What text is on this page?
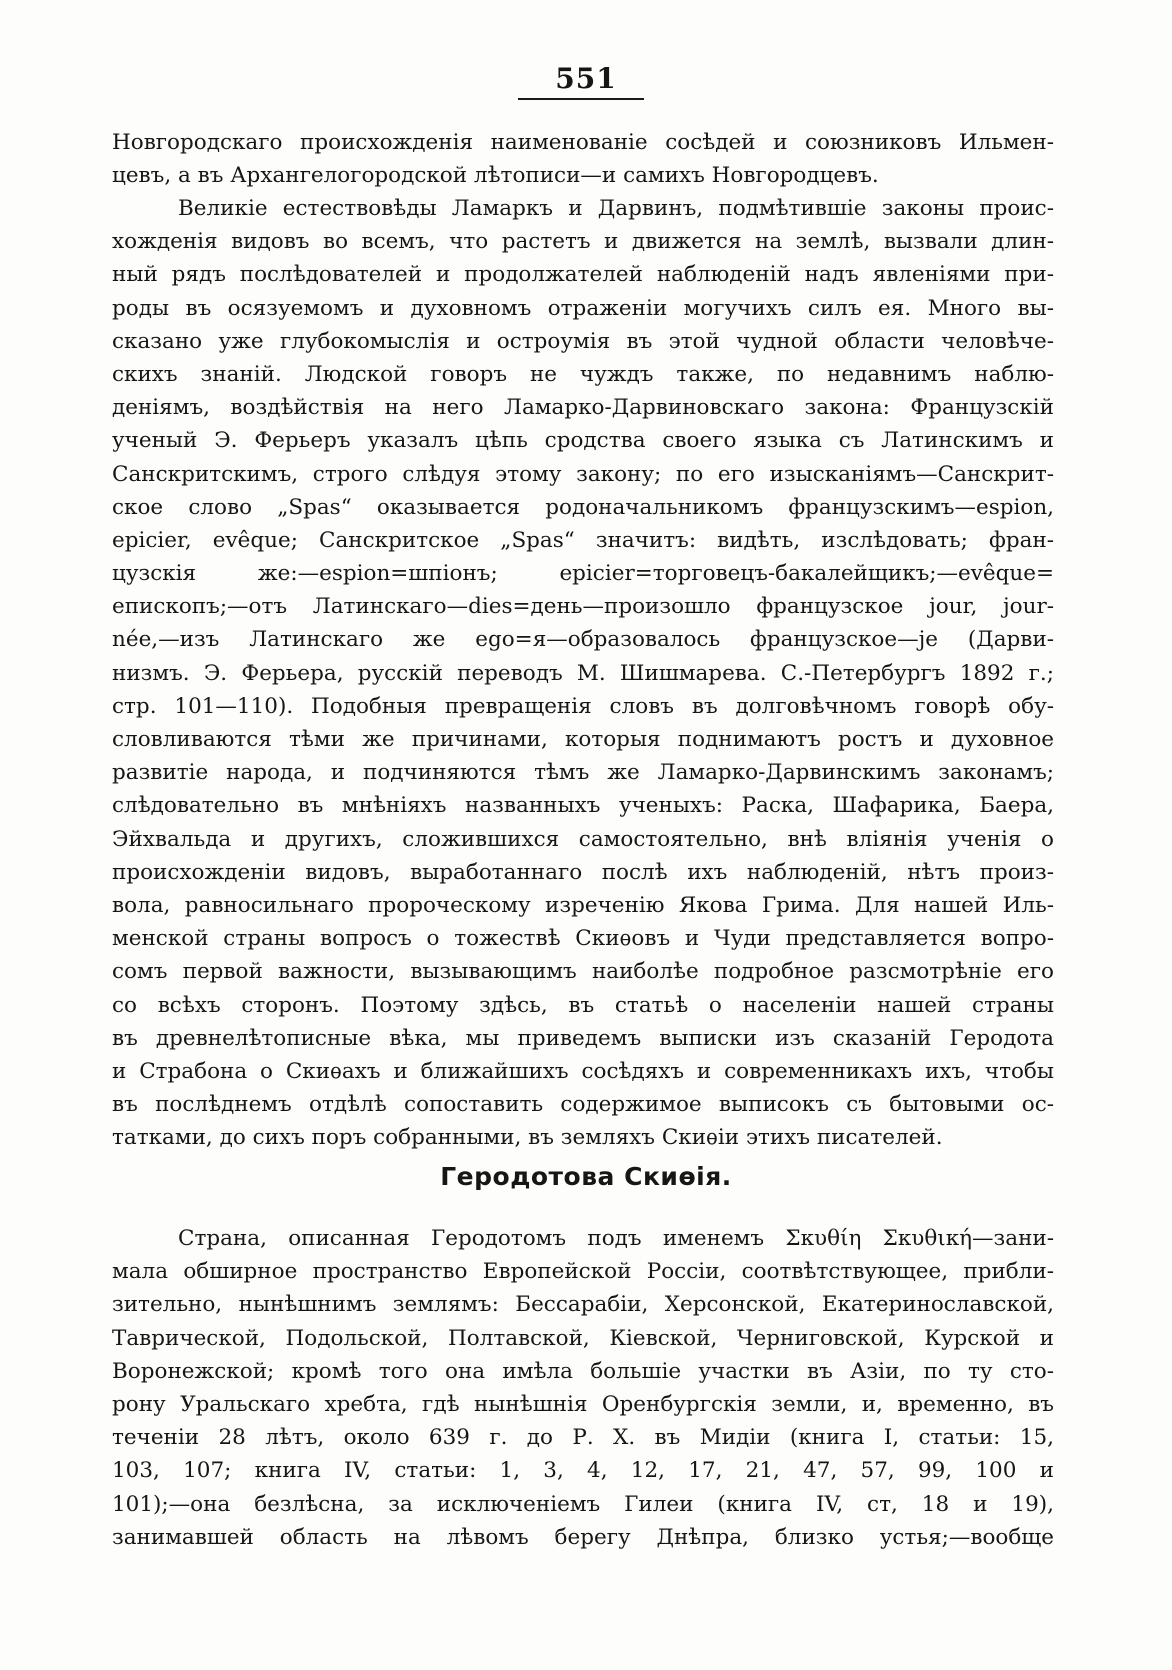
551
Новгородскаго происхожденія наименованіе сосѣдей и союзниковъ Ильмен-
цевъ, а въ Архангелогородской лѣтописи—и самихъ Новгородцевъ.
Великіе естествовѣды Ламаркъ и Дарвинъ, подмѣтившіе законы проис-
хожденія видовъ во всемъ, что растетъ и движется на землѣ, вызвали длин-
ный рядъ послѣдователей и продолжателей наблюденій надъ явленіями при-
роды въ осязуемомъ и духовномъ отраженіи могучихъ силъ ея. Много вы-
сказано уже глубокомыслія и остроумія въ этой чудной области человѣче-
скихъ знаній. Людской говоръ не чуждъ также, по недавнимъ наблю-
деніямъ, воздѣйствія на него Ламарко-Дарвиновскаго закона: Французскій
ученый Э. Ферьеръ указалъ цѣпь сродства своего языка съ Латинскимъ и
Санскритскимъ, строго слѣдуя этому закону; по его изысканіямъ—Санскрит-
ское слово „Spas“ оказывается родоначальникомъ французскимъ—espion,
epicier, evêque; Санскритское „Spas“ значитъ: видѣть, изслѣдовать; фран-
цузскія же:—espion=шпіонъ; epicier=торговецъ-бакалейщикъ;—evêque=
епископъ;—отъ Латинскаго—dies=день—произошло французское jour, jour-
née,—изъ Латинскаго же ego=я—образовалось французское—je (Дарви-
низмъ. Э. Ферьера, русскій переводъ М. Шишмарева. С.-Петербургъ 1892 г.;
стр. 101—110). Подобныя превращенія словъ въ долговѣчномъ говорѣ обу-
словливаются тѣми же причинами, которыя поднимаютъ ростъ и духовное
развитіе народа, и подчиняются тѣмъ же Ламарко-Дарвинскимъ законамъ;
слѣдовательно въ мнѣніяхъ названныхъ ученыхъ: Раска, Шафарика, Баера,
Эйхвальда и другихъ, сложившихся самостоятельно, внѣ вліянія ученія о
происхожденіи видовъ, выработаннаго послѣ ихъ наблюденій, нѣтъ произ-
вола, равносильнаго пророческому изреченію Якова Грима. Для нашей Иль-
менской страны вопросъ о тожествѣ Скиѳовъ и Чуди представляется вопро-
сомъ первой важности, вызывающимъ наиболѣе подробное разсмотрѣніе его
со всѣхъ сторонъ. Поэтому здѣсь, въ статьѣ о населеніи нашей страны
въ древнелѣтописные вѣка, мы приведемъ выписки изъ сказаній Геродота
и Страбона о Скиѳахъ и ближайшихъ сосѣдяхъ и современникахъ ихъ, чтобы
въ послѣднемъ отдѣлѣ сопоставить содержимое выписокъ съ бытовыми ос-
татками, до сихъ поръ собранными, въ земляхъ Скиѳіи этихъ писателей.
Геродотова Скиѳія.
Страна, описанная Геродотомъ подъ именемъ Σκυθίη Σκυθική—зани-
мала обширное пространство Европейской Россіи, соотвѣтствующее, прибли-
зительно, нынѣшнимъ землямъ: Бессарабіи, Херсонской, Екатеринославской,
Таврической, Подольской, Полтавской, Кіевской, Черниговской, Курской и
Воронежской; кромѣ того она имѣла большіе участки въ Азіи, по ту сто-
рону Уральскаго хребта, гдѣ нынѣшнія Оренбургскія земли, и, временно, въ
теченіи 28 лѣтъ, около 639 г. до Р. Х. въ Мидіи (книга I, статьи: 15,
103, 107; книга IV, статьи: 1, 3, 4, 12, 17, 21, 47, 57, 99, 100 и
101);—она безлѣсна, за исключеніемъ Гилеи (книга IV, ст, 18 и 19),
занимавшей область на лѣвомъ берегу Днѣпра, близко устья;—вообще
